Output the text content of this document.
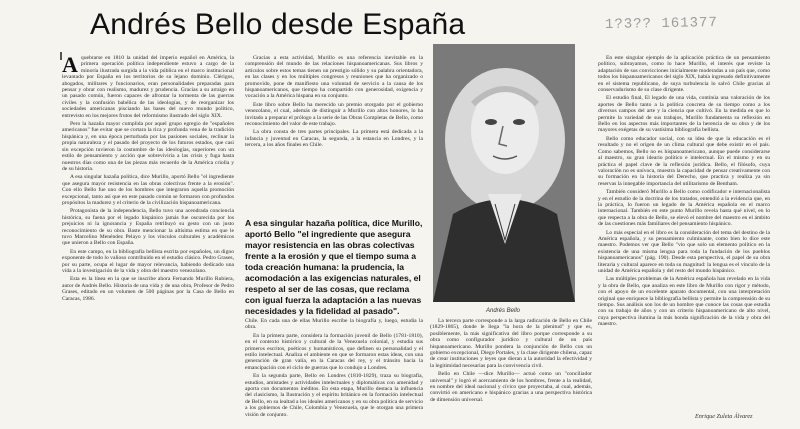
Andrés Bello desde España	1?3?? 161377
A quebrarse en 1810 la unidad del imperio español en América, la primera operación política independiente estuvo a cargo de la minoría ilustrada surgida a la vida pública en el marco institucional levantado por España en los territorios de su lejano dominio. Clérigos, abogados, militares y funcionarios, eran personalidades preparadas para pensar y obrar con realismo, madurez y prudencia. Gracias a su arraigo en un pasado común, fueron capaces de afrontar la tormenta de las guerras civiles y la confusión babélica de las ideologías, y de reorganizar los sociedades americanas pisciando las bases del nuevo mundo político, entrevisto en los mejores frutos del reformismo ilustrado del siglo XIX.

Pero la hazaña mayor cumplida por aquel grupo egregio de "españoles americanos" fue evitar que se cortara la rica y profunda vena de la tradición hispánica y, en una época perturbada por las pasiones sociales, reclinar la propia naturaleza y el pasado del proyecto de los futuros estados, que casi sin excepción tuvieron la costumbre de las ideologías, superiores con un estilo de pensamiento y acción que sobreviviría a las crisis y fuga hasta nuestros días como una de las piezas más recuerdo de la América criolla y de su historia.

A esa singular hazaña política, dice Murillo, aportó Bello "el ingrediente que asegura mayor resistencia en las obras colectivas frente a la erosión". Con ello Bello fue uno de los hombres que integraron aquella promoción excepcional, tanto así que en este pasado común se formaron con profundos propósitos la madurez y el criterio de la civilización hispanoamericana.

Protagonista de la independencia, Bello tuvo una acendrada conciencia histórica, su faena por el legado hispánico jamás fue oscurecida por los prejuicios ni la ignorancia y España retribuyó su gesto con un justo reconocimiento de su obra. Baste mencionar la altísima estima en que le tuvo Marcelino Menéndez Pelayo y los vínculos culturales y académicos que unieron a Bello con España.

En este campo, en la bibliografía bellista escrita por españoles, un digno exponente de todo lo valioso contribuido en el estudio clásico. Pedro Grases, por su parte, ocupa el lugar de mayor relevancia, habiendo dedicado una vida a la investigación de la vida y obra del maestro venezolano.

Esta es la línea en la que se inscribe ahora Fernando Murillo Rubiera, autor de Andrés Bello. Historia de una vida y de una obra, Profesor de Pedro Grases, editado en un volumen de 500 páginas por la Casa de Bello en Caracas, 1986.

Gracias a esta actividad, Murillo es una referencia inevitable en la comprensión del mundo de las relaciones hispanoamericanas. Sus libros y artículos sobre estos temas tienen un prestigio sólido y su palabra orientadora, en las clases y en los múltiples congresos y reuniones que ha organizado o promovido, pone de manifiesto una voluntad de servicio a la causa de los hispanoamericanos, que tiempo ha compartido con generosidad, exigencia y vocación a la América hispana en su conjunto.

Este libro sobre Bello ha merecido un premio otorgado por el gobierno venezolano, el cual, además de distinguir a Murillo con altos honores, lo ha invitado a preparar el prólogo a la serie de las Obras Completas de Bello, como reconocimiento del valor de este trabajo.

La obra consta de tres partes principales. La primera está dedicada a la infancia y juventud en Caracas, la segunda, a la estancia en Londres, y la tercera, a los años finales en Chile.

A esa singular hazaña política, dice Murillo, aportó Bello "el ingrediente que asegura mayor resistencia en las obras colectivas frente a la erosión y que el tiempo suma a toda creación humana: la prudencia, la acomodación a las exigencias naturales, el respeto al ser de las cosas, que reclama con igual fuerza la adaptación a las nuevas necesidades y la fidelidad al pasado".

Chile. En cada una de ellas Murillo escribe la biografía y, luego, estudia la obra.

En la primera parte, considera la formación juvenil de Bello (1781-1810), en el contexto histórico y cultural de la Venezuela colonial, y estudia sus primeros escritos, poéticos y humanísticos, que definen su personalidad y el estilo intelectual. Analiza el ambiente en que se formaron estas ideas, con una generación de gran valía, en la Caracas del rey, y el tránsito hacia la emancipación con el ciclo de guerras que lo condujo a Londres.

En la segunda parte, Bello en Londres (1810-1829), traza su biografía, estudios, amistades y actividades intelectuales y diplomáticas con amenidad y aporta con documentos inéditos. En esta etapa, Murillo destaca la influencia del clasicismo, la Ilustración y el espíritu británico en la formación intelectual de Bello, en su lealtad a los ideales americanos y en su obra política de servicio a los gobiernos de Chile, Colombia y Venezuela, que le otorgan una primera visión de conjunto.

Andrés Bello

La tercera parte corresponde a la larga radicación de Bello en Chile (1829-1865), donde le llega "la hora de la plenitud" y que es, posiblemente, la más significativa del libro porque corresponde a su obra como configurador jurídico y cultural de un país hispanoamericano. Murillo pondera la conjunción de Bello con un gobierno excepcional, Diego Portales, y la clase dirigente chilena, capaz de crear instituciones y leyes que dieran a la autoridad la efectividad y la legitimidad necesarias para la convivencia civil.

Bello en Chile —dice Murillo— actuó como un "conciliador universal" y logró el acercamiento de los hombres, frente a la realidad, en nombre del ideal nacional y cívico que proyectaba, al cual, además, convirtió en americano e hispánico gracias a una perspectiva histórica de dimensión universal.

En este singular ejemplo de la aplicación práctica de un pensamiento político, subrayamos, como lo hace Murillo, el interés que reviste la adaptación de sus convicciones inicialmente moderadas a un país que, como todos los hispanoamericanos del siglo XIX, había ingresado definitivamente en el sistema republicano, de suya turbulencia lo salvó Chile gracias al conservadurismo de su clase dirigente.

El estudio final, El legado de una vida, continúa una valoración de los aportes de Bello tanto a la política concreta de su tiempo como a los diversos campos del arte y la ciencia que cultivó. En la medida en que lo permite la variedad de sus trabajos, Murillo fundamenta su reflexión en Bello en los aspectos más importantes de la herencia de su obra y de los mayores exégetas de su vastísima bibliografía bellista.

Bello como educador social, con su idea de que la educación es el resultado y no el origen de un clima cultural que debe existir en el país. Como sabemos, Bello no es hispanoamericano, aunque puede considerarse al maestro, su gran ideario político e intelectual. En el mismo y en su práctica el papel clave de la reflexión jurídica. Bello, el filósofo, cuya valoración no es unívoca, muestra la capacidad de pensar creativamente con su formación en la historia del Derecho, que practica y realiza ya sin reservas la innegable importancia del utilitarismo de Bentham.

También consideró Murillo a Bello como codificador e internacionalista y en el estudio de la doctrina de los tratados, entendió a la evidencia que, en la práctica, lo fueron un legado de la América española en el marco internacional. También en este punto Murillo revela hasta qué nivel, en lo que respecta a la obra de Bello, se elevó el nombre del maestro en el ámbito de las cuestiones más familiares del pensamiento hispánico.

Lo más especial en el libro es la consideración del tema del destino de la América española, y su pensamiento culminante, como bien lo dice este maestro. Podemos ver que Bello "vio que solo un elemento político en la existencia de una misma lengua para toda la fundación de los pueblos hispanoamericanos" (pág. 190). Desde esta perspectiva, el papel de su obra literaria y cultural aparece en toda su magnitud: la lengua es el vínculo de la unidad de América española y del resto del mundo hispánico.

Las múltiples problemas de la América española han revelado en la vida y la obra de Bello, que analiza en este libro de Murillo con rigor y método, con el apoyo de un excelente aparato documental, con una interpretación original que enriquece la bibliografía bellista y permite la comprensión de su tiempo. Sus análisis son los de un hombre que conoce las cosas que estudia con su trabajo de años y con un criterio hispanoamericano de alto nivel, cuya perspectiva ilumina la más honda significación de la vida y obra del maestro.

Enrique Zuleta Álvarez
